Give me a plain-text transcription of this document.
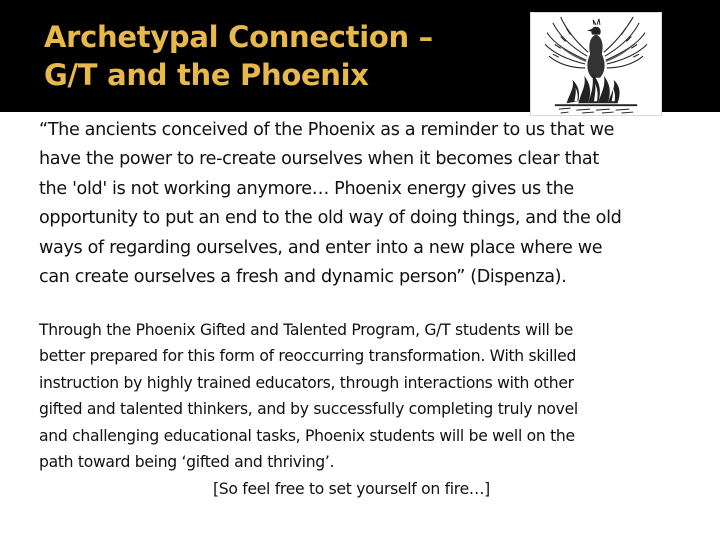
Archetypal Connection –
G/T and the Phoenix

“The ancients conceived of the Phoenix as a reminder to us that we
have the power to re-create ourselves when it becomes clear that
the 'old' is not working anymore… Phoenix energy gives us the
opportunity to put an end to the old way of doing things, and the old
ways of regarding ourselves, and enter into a new place where we
can create ourselves a fresh and dynamic person” (Dispenza).

Through the Phoenix Gifted and Talented Program, G/T students will be
better prepared for this form of reoccurring transformation. With skilled
instruction by highly trained educators, through interactions with other
gifted and talented thinkers, and by successfully completing truly novel
and challenging educational tasks, Phoenix students will be well on the
path toward being ‘gifted and thriving’.

[So feel free to set yourself on fire…]
